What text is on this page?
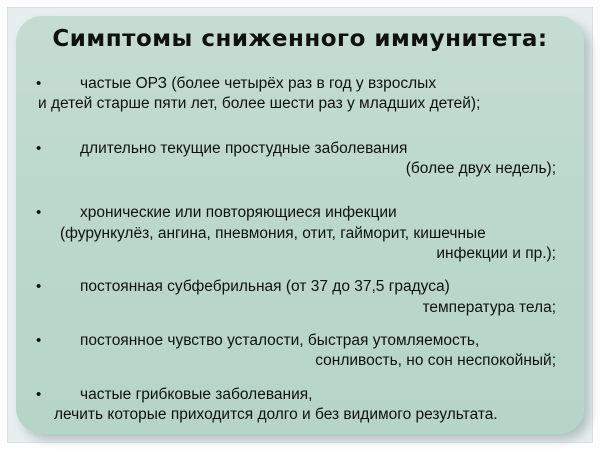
Симптомы сниженного иммунитета:
• частые ОРЗ (более четырёх раз в год у взрослых
и детей старше пяти лет, более шести раз у младших детей);
• длительно текущие простудные заболевания
(более двух недель);
• хронические или повторяющиеся инфекции
(фурункулёз, ангина, пневмония, отит, гайморит, кишечные
инфекции и пр.);
• постоянная субфебрильная (от 37 до 37,5 градуса)
температура тела;
• постоянное чувство усталости, быстрая утомляемость,
сонливость, но сон неспокойный;
• частые грибковые заболевания,
лечить которые приходится долго и без видимого результата.
